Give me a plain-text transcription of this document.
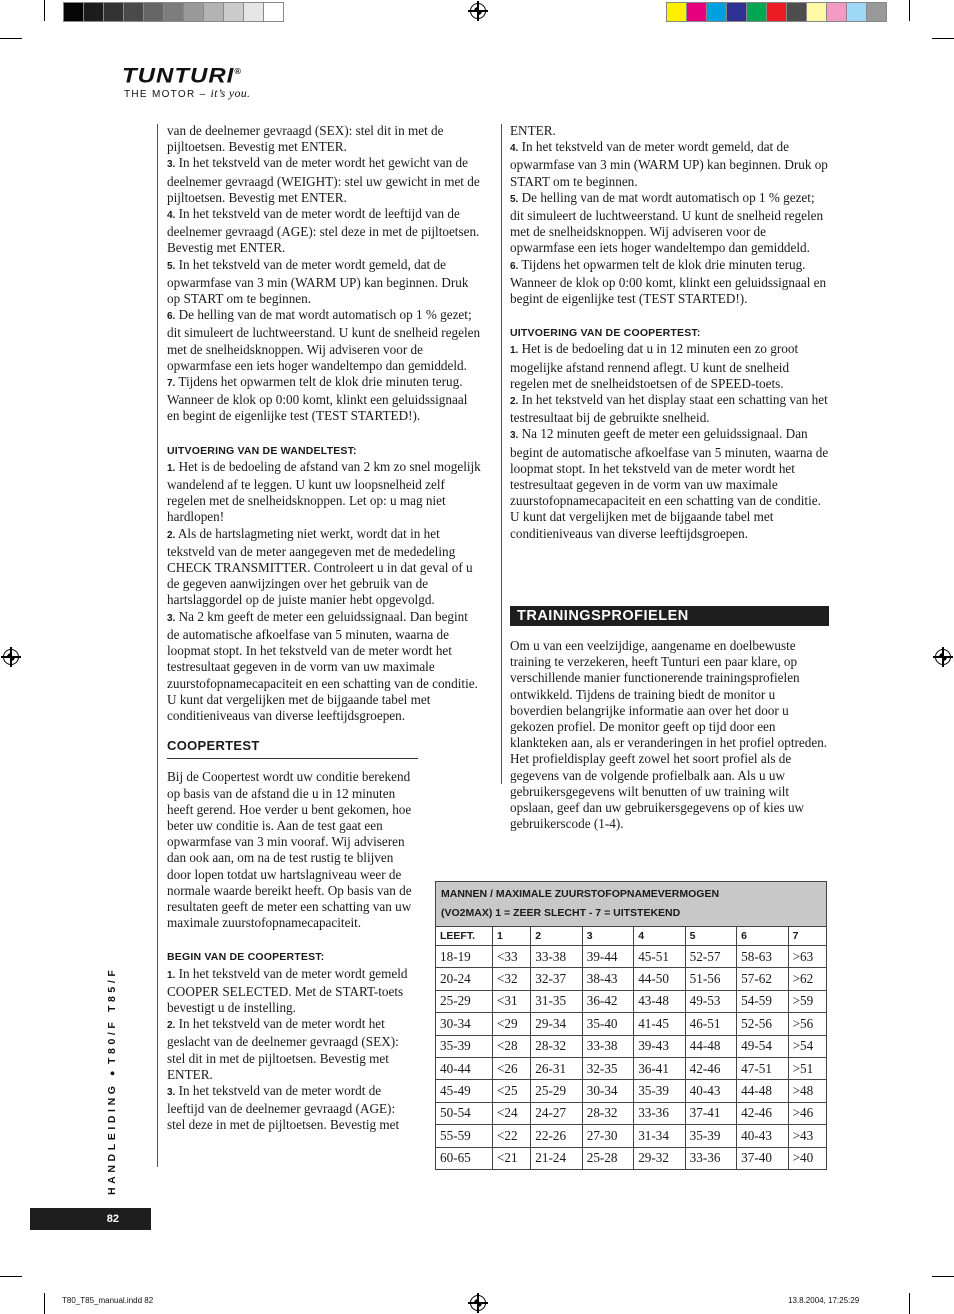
TUNTURI®
THE MOTOR – it’s you.

van de deelnemer gevraagd (SEX): stel dit in met de pijltoetsen. Bevestig met ENTER.

3. In het tekstveld van de meter wordt het gewicht van de deelnemer gevraagd (WEIGHT): stel uw gewicht in met de pijltoetsen. Bevestig met ENTER.

4. In het tekstveld van de meter wordt de leeftijd van de deelnemer gevraagd (AGE): stel deze in met de pijltoetsen. Bevestig met ENTER.

5. In het tekstveld van de meter wordt gemeld, dat de opwarmfase van 3 min (WARM UP) kan beginnen. Druk op START om te beginnen.

6. De helling van de mat wordt automatisch op 1 % gezet; dit simuleert de luchtweerstand. U kunt de snelheid regelen met de snelheidsknoppen. Wij adviseren voor de opwarmfase een iets hoger wandeltempo dan gemiddeld.

7. Tijdens het opwarmen telt de klok drie minuten terug. Wanneer de klok op 0:00 komt, klinkt een geluidssignaal en begint de eigenlijke test (TEST STARTED!).

UITVOERING VAN DE WANDELTEST:

1. Het is de bedoeling de afstand van 2 km zo snel mogelijk wandelend af te leggen. U kunt uw loopsnelheid zelf regelen met de snelheidsknoppen. Let op: u mag niet hardlopen!

2. Als de hartslagmeting niet werkt, wordt dat in het tekstveld van de meter aangegeven met de mededeling CHECK TRANSMITTER. Controleert u in dat geval of u de gegeven aanwijzingen over het gebruik van de hartslaggordel op de juiste manier hebt opgevolgd.

3. Na 2 km geeft de meter een geluidssignaal. Dan begint de automatische afkoelfase van 5 minuten, waarna de loopmat stopt. In het tekstveld van de meter wordt het testresultaat gegeven in de vorm van uw maximale zuurstofopnamecapaciteit en een schatting van de conditie. U kunt dat vergelijken met de bijgaande tabel met conditieniveaus van diverse leeftijdsgroepen.

COOPERTEST

Bij de Coopertest wordt uw conditie berekend op basis van de afstand die u in 12 minuten heeft gerend. Hoe verder u bent gekomen, hoe beter uw conditie is. Aan de test gaat een opwarmfase van 3 min vooraf. Wij adviseren dan ook aan, om na de test rustig te blijven door lopen totdat uw hartslagniveau weer de normale waarde bereikt heeft. Op basis van de resultaten geeft de meter een schatting van uw maximale zuurstofopnamecapaciteit.

BEGIN VAN DE COOPERTEST:

1. In het tekstveld van de meter wordt gemeld COOPER SELECTED. Met de START-toets bevestigt u de instelling.

2. In het tekstveld van de meter wordt het geslacht van de deelnemer gevraagd (SEX): stel dit in met de pijltoetsen. Bevestig met ENTER.

3. In het tekstveld van de meter wordt de leeftijd van de deelnemer gevraagd (AGE): stel deze in met de pijltoetsen. Bevestig met

ENTER.

4. In het tekstveld van de meter wordt gemeld, dat de opwarmfase van 3 min (WARM UP) kan beginnen. Druk op START om te beginnen.

5. De helling van de mat wordt automatisch op 1 % gezet; dit simuleert de luchtweerstand. U kunt de snelheid regelen met de snelheidsknoppen. Wij adviseren voor de opwarmfase een iets hoger wandeltempo dan gemiddeld.

6. Tijdens het opwarmen telt de klok drie minuten terug. Wanneer de klok op 0:00 komt, klinkt een geluidssignaal en begint de eigenlijke test (TEST STARTED!).

UITVOERING VAN DE COOPERTEST:

1. Het is de bedoeling dat u in 12 minuten een zo groot mogelijke afstand rennend aflegt. U kunt de snelheid regelen met de snelheidstoetsen of de SPEED-toets.

2. In het tekstveld van het display staat een schatting van het testresultaat bij de gebruikte snelheid.

3. Na 12 minuten geeft de meter een geluidssignaal. Dan begint de automatische afkoelfase van 5 minuten, waarna de loopmat stopt. In het tekstveld van de meter wordt het testresultaat gegeven in de vorm van uw maximale zuurstofopnamecapaciteit en een schatting van de conditie. U kunt dat vergelijken met de bijgaande tabel met conditieniveaus van diverse leeftijdsgroepen.

TRAININGSPROFIELEN

Om u van een veelzijdige, aangename en doelbewuste training te verzekeren, heeft Tunturi een paar klare, op verschillende manier functionerende trainingsprofielen ontwikkeld. Tijdens de training biedt de monitor u boverdien belangrijke informatie aan over het door u gekozen profiel. De monitor geeft op tijd door een klankteken aan, als er veranderingen in het profiel optreden. Het profieldisplay geeft zowel het soort profiel als de gegevens van de volgende profielbalk aan. Als u uw gebruikersgegevens wilt benutten of uw training wilt opslaan, geef dan uw gebruikersgegevens op of kies uw gebruikerscode (1-4).

MANNEN / MAXIMALE ZUURSTOFOPNAMEVERMOGEN
(VO2MAX) 1 = ZEER SLECHT - 7 = UITSTEKEND							

LEEFT.	1	2	3	4	5	6	7
18-19	<33	33-38	39-44	45-51	52-57	58-63	>63
20-24	<32	32-37	38-43	44-50	51-56	57-62	>62
25-29	<31	31-35	36-42	43-48	49-53	54-59	>59
30-34	<29	29-34	35-40	41-45	46-51	52-56	>56
35-39	<28	28-32	33-38	39-43	44-48	49-54	>54
40-44	<26	26-31	32-35	36-41	42-46	47-51	>51
45-49	<25	25-29	30-34	35-39	40-43	44-48	>48
50-54	<24	24-27	28-32	33-36	37-41	42-46	>46
55-59	<22	22-26	27-30	31-34	35-39	40-43	>43
60-65	<21	21-24	25-28	29-32	33-36	37-40	>40
HANDLEIDING ● T80/F T85/F
82
T80_T85_manual.indd 82	13.8.2004, 17:25:29
